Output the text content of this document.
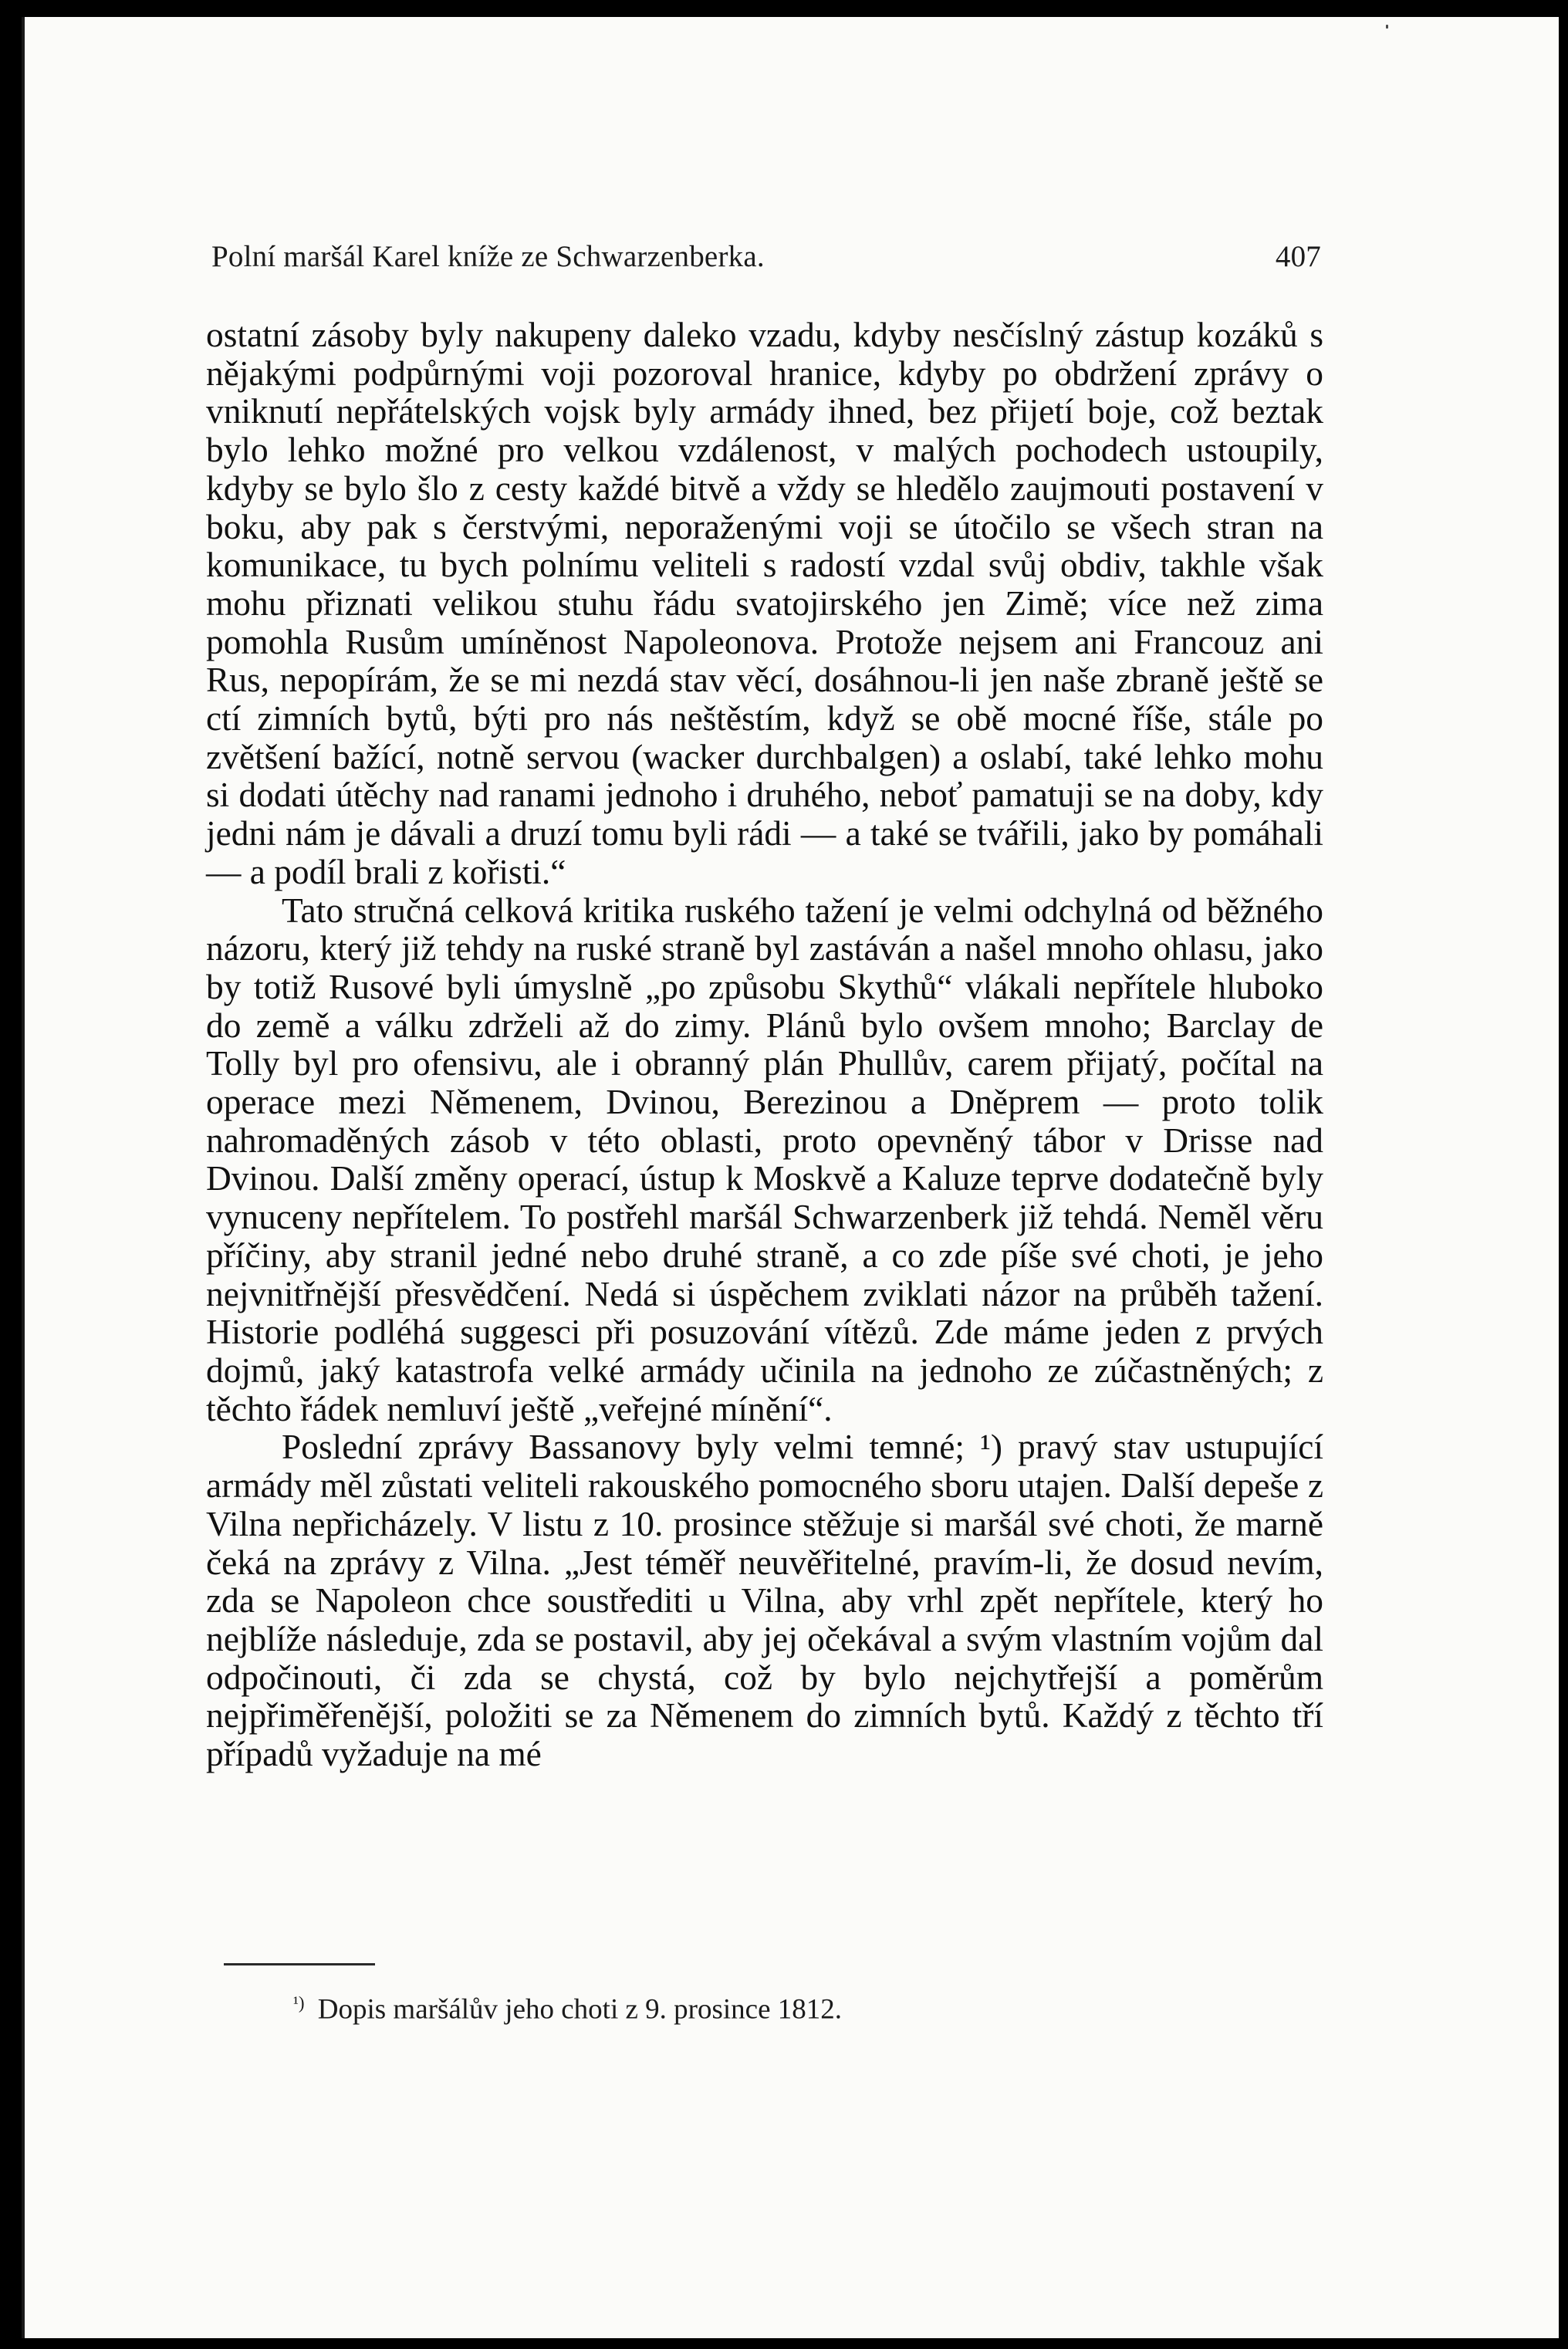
Polní maršál Karel kníže ze Schwarzenberka.	407

ostatní zásoby byly nakupeny daleko vzadu, kdyby nesčíslný zástup kozáků s nějakými podpůrnými voji pozoroval hranice, kdyby po obdržení zprávy o vniknutí nepřátelských vojsk byly armády ihned, bez přijetí boje, což beztak bylo lehko možné pro velkou vzdálenost, v malých pochodech ustoupily, kdyby se bylo šlo z cesty každé bitvě a vždy se hledělo zaujmouti postavení v boku, aby pak s čerstvými, neporaženými voji se útočilo se všech stran na komunikace, tu bych polnímu veliteli s radostí vzdal svůj obdiv, takhle však mohu přiznati velikou stuhu řádu svatojirského jen Zimě; více než zima pomohla Rusům umíněnost Napoleonova. Protože nejsem ani Francouz ani Rus, nepopírám, že se mi nezdá stav věcí, dosáhnou-li jen naše zbraně ještě se ctí zimních bytů, býti pro nás neštěstím, když se obě mocné říše, stále po zvětšení bažící, notně servou (wacker durchbalgen) a oslabí, také lehko mohu si dodati útěchy nad ranami jednoho i druhého, neboť pamatuji se na doby, kdy jedni nám je dávali a druzí tomu byli rádi — a také se tvářili, jako by pomáhali — a podíl brali z kořisti.“

Tato stručná celková kritika ruského tažení je velmi odchylná od běžného názoru, který již tehdy na ruské straně byl zastáván a našel mnoho ohlasu, jako by totiž Rusové byli úmyslně „po způsobu Skythů“ vlákali nepřítele hluboko do země a válku zdrželi až do zimy. Plánů bylo ovšem mnoho; Barclay de Tolly byl pro ofensivu, ale i obranný plán Phullův, carem přijatý, počítal na operace mezi Němenem, Dvinou, Berezinou a Dněprem — proto tolik nahromaděných zásob v této oblasti, proto opevněný tábor v Drisse nad Dvinou. Další změny operací, ústup k Moskvě a Kaluze teprve dodatečně byly vynuceny nepřítelem. To postřehl maršál Schwarzenberk již tehdá. Neměl věru příčiny, aby stranil jedné nebo druhé straně, a co zde píše své choti, je jeho nejvnitřnější přesvědčení. Nedá si úspěchem zviklati názor na průběh tažení. Historie podléhá suggesci při posuzování vítězů. Zde máme jeden z prvých dojmů, jaký katastrofa velké armády učinila na jednoho ze zúčastněných; z těchto řádek nemluví ještě „veřejné mínění“.

Poslední zprávy Bassanovy byly velmi temné; ¹) pravý stav ustupující armády měl zůstati veliteli rakouského pomocného sboru utajen. Další depeše z Vilna nepřicházely. V listu z 10. prosince stěžuje si maršál své choti, že marně čeká na zprávy z Vilna. „Jest téměř neuvěřitelné, pravím-li, že dosud nevím, zda se Napoleon chce soustřediti u Vilna, aby vrhl zpět nepřítele, který ho nejblíže následuje, zda se postavil, aby jej očekával a svým vlastním vojům dal odpočinouti, či zda se chystá, což by bylo nejchytřejší a poměrům nejpřiměřenější, položiti se za Němenem do zimních bytů. Každý z těchto tří případů vyžaduje na mé

$^{^1)}$ Dopis maršálův jeho choti z 9. prosince 1812.
